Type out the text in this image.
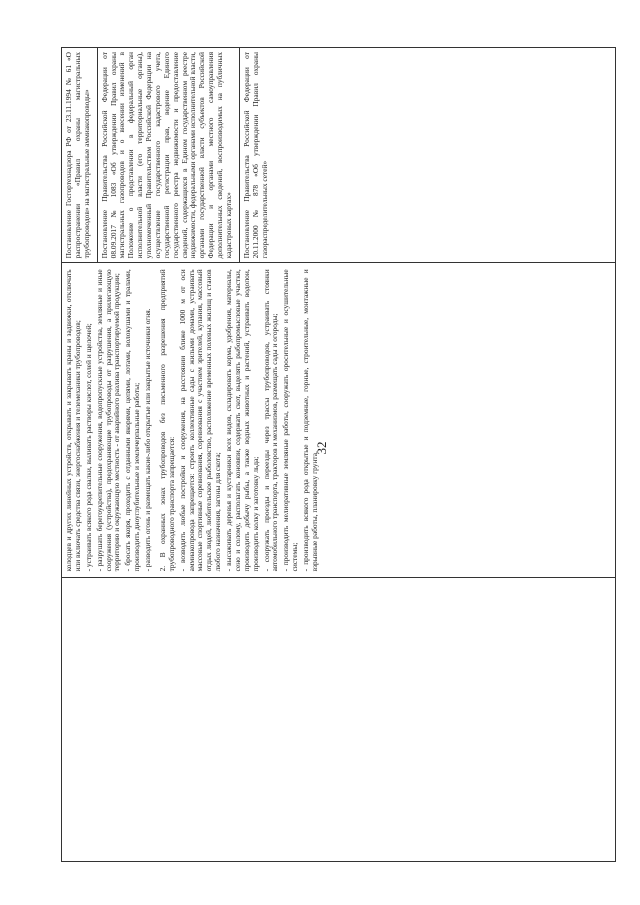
32

колодцев и других линейных устройств, открывать и закрывать краны и задвижки, отключать или включать средства связи, энергоснабжения и телемеханики трубопроводов; - устраивать всякого рода свалки, выливать растворы кислот, солей и щелочей; - разрушать берегоукрепительные сооружения, водопропускные устройства, земляные и иные сооружения (устройства), предохраняющие трубопроводы от разрушения, а прилегающую территорию и окружающую местность - от аварийного разлива транспортируемой продукции; - бросать якоря, проходить с отданными якорями, цепями, лотами, волокушами и тралами, производить дноуглубительные и землечерпальные работы; - разводить огонь и размещать какие-либо открытые или закрытые источники огня. 2. В охранных зонах трубопроводов без письменного разрешения предприятий трубопроводного транспорта запрещается: - возводить любые постройки и сооружения, на расстоянии ближе 1000 м от оси аммиакопровода запрещается: строить коллективные сады с жилыми домами, устраивать массовые спортивные соревнования, соревнования с участием зрителей, купания, массовый отдых людей, любительское рыболовство, расположение временных полевых жилищ и станов любого назначения, загоны для скота; - высаживать деревья и кустарники всех видов, складировать корма, удобрения, материалы, сено и солому, располагать коновязи, содержать скот, выделять рыбопромысловые участки, производить добычу рыбы, а также водных животных и растений, устраивать водопои, производить колку и заготовку льда; - сооружать проезды и переезды через трассы трубопроводов, устраивать стоянки автомобильного транспорта, тракторов и механизмов, размещать сады и огороды; - производить мелиоративные земляные работы, сооружать оросительные и осушительные системы; - производить всякого рода открытые и подземные, горные, строительные, монтажные и взрывные работы, планировку грунта.

Постановление Госгортехнадзора РФ от 23.11.1994 № 61 «О распространении «Правил охраны магистральных трубопроводов» на магистральные аммиакопроводы» Постановление Правительства Российской Федерации от 08.09.2017 № 1083 «Об утверждении Правил охраны магистральных газопроводов и о внесении изменений в Положение о представлении в федеральный орган исполнительной власти (его территориальные органы), уполномоченный Правительством Российской Федерации на осуществление государственного кадастрового учета, государственной регистрации прав, ведение Единого государственного реестра недвижимости и предоставление сведений, содержащихся в Едином государственном реестре недвижимости, федеральными органами исполнительной власти, органами государственной власти субъектов Российской Федерации и органами местного самоуправления дополнительных сведений, воспроизводимых на публичных кадастровых картах» Постановление Правительства Российской Федерации от 20.11.2000 № 878 «Об утверждении Правил охраны газораспределительных сетей»
